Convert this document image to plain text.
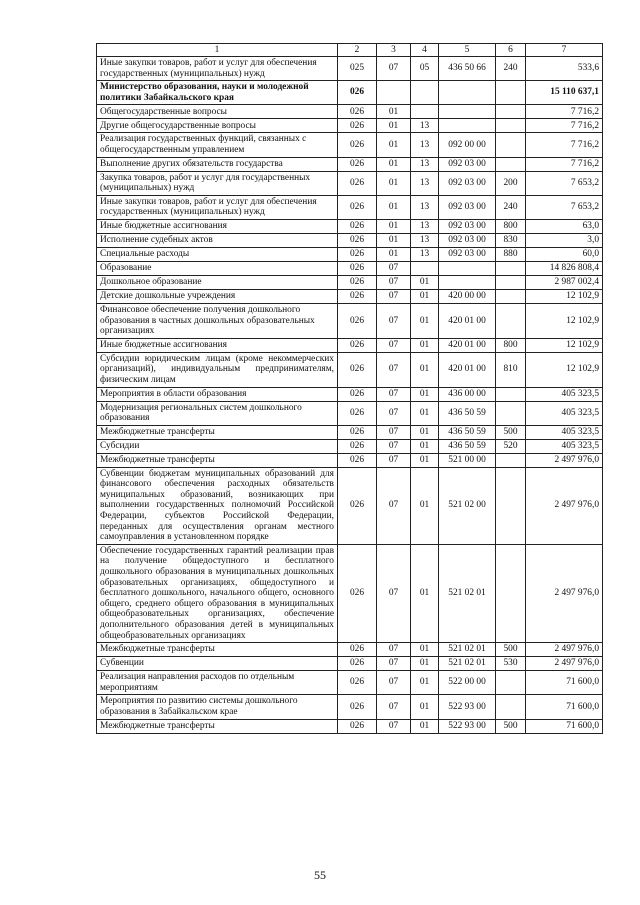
1	2	3	4	5	6	7
Иные закупки товаров, работ и услуг для обеспечения государственных (муниципальных) нужд	025	07	05	436 50 66	240	533,6
Министерство образования, науки и молодежной политики Забайкальского края	026					15 110 637,1
Общегосударственные вопросы	026	01				7 716,2
Другие общегосударственные вопросы	026	01	13			7 716,2
Реализация государственных функций, связанных с общегосударственным управлением	026	01	13	092 00 00		7 716,2
Выполнение других обязательств государства	026	01	13	092 03 00		7 716,2
Закупка товаров, работ и услуг для государственных (муниципальных) нужд	026	01	13	092 03 00	200	7 653,2
Иные закупки товаров, работ и услуг для обеспечения государственных (муниципальных) нужд	026	01	13	092 03 00	240	7 653,2
Иные бюджетные ассигнования	026	01	13	092 03 00	800	63,0
Исполнение судебных актов	026	01	13	092 03 00	830	3,0
Специальные расходы	026	01	13	092 03 00	880	60,0
Образование	026	07				14 826 808,4
Дошкольное образование	026	07	01			2 987 002,4
Детские дошкольные учреждения	026	07	01	420 00 00		12 102,9
Финансовое обеспечение получения дошкольного образования в частных дошкольных образовательных организациях	026	07	01	420 01 00		12 102,9
Иные бюджетные ассигнования	026	07	01	420 01 00	800	12 102,9
Субсидии юридическим лицам (кроме некоммерческих организаций), индивидуальным предпринимателям, физическим лицам	026	07	01	420 01 00	810	12 102,9
Мероприятия в области образования	026	07	01	436 00 00		405 323,5
Модернизация региональных систем дошкольного образования	026	07	01	436 50 59		405 323,5
Межбюджетные трансферты	026	07	01	436 50 59	500	405 323,5
Субсидии	026	07	01	436 50 59	520	405 323,5
Межбюджетные трансферты	026	07	01	521 00 00		2 497 976,0
Субвенции бюджетам муниципальных образований для финансового обеспечения расходных обязательств муниципальных образований, возникающих при выполнении государственных полномочий Российской Федерации, субъектов Российской Федерации, переданных для осуществления органам местного самоуправления в установленном порядке	026	07	01	521 02 00		2 497 976,0
Обеспечение государственных гарантий реализации прав на получение общедоступного и бесплатного дошкольного образования в муниципальных дошкольных образовательных организациях, общедоступного и бесплатного дошкольного, начального общего, основного общего, среднего общего образования в муниципальных общеобразовательных организациях, обеспечение дополнительного образования детей в муниципальных общеобразовательных организациях	026	07	01	521 02 01		2 497 976,0
Межбюджетные трансферты	026	07	01	521 02 01	500	2 497 976,0
Субвенции	026	07	01	521 02 01	530	2 497 976,0
Реализация направления расходов по отдельным мероприятиям	026	07	01	522 00 00		71 600,0
Мероприятия по развитию системы дошкольного образования в Забайкальском крае	026	07	01	522 93 00		71 600,0
Межбюджетные трансферты	026	07	01	522 93 00	500	71 600,0
55
